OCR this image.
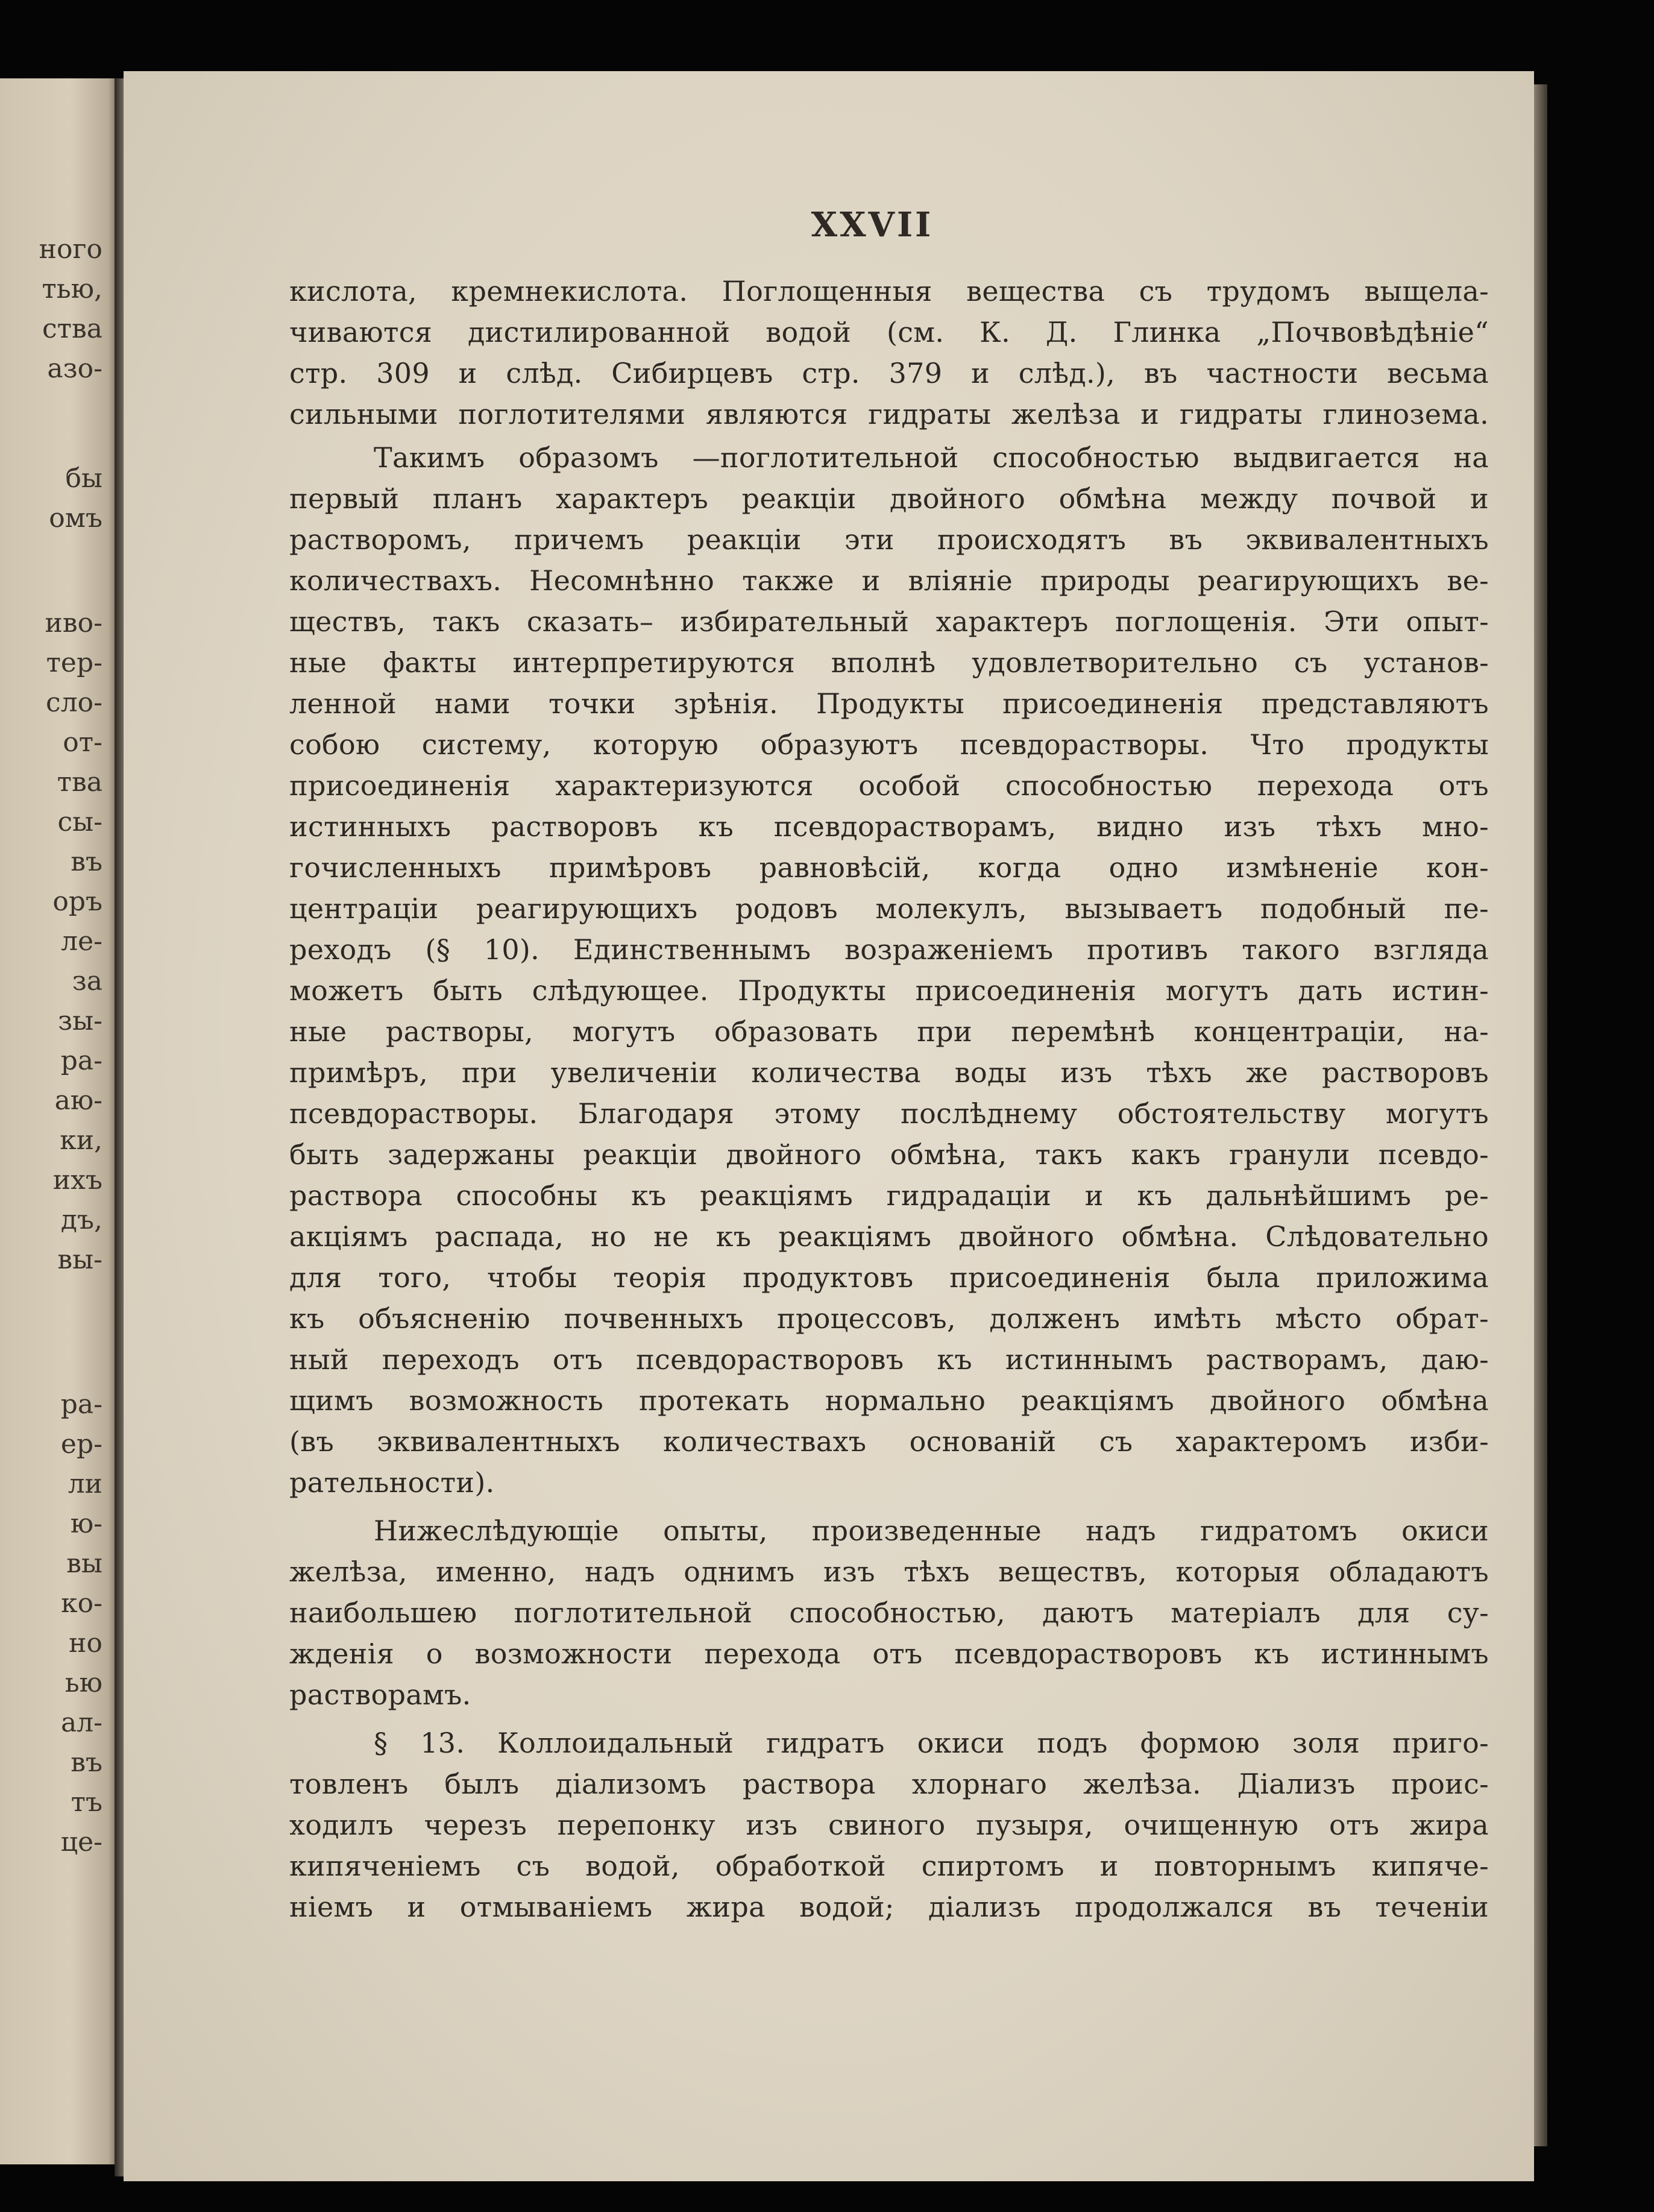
ного
тью,
ства
азо-
бы
омъ
иво-
тер-
сло-
от-
тва
сы-
въ
оръ
ле-
за
зы-
ра-
аю-
ки,
ихъ
дъ,
вы-
ра-
ер-
ли
ю-
вы
ко-
но
ью
ал-
въ
тъ
це-
XXVII
кислота, кремнекислота. Поглощенныя вещества съ трудомъ выщела-
чиваются дистилированной водой (см. К. Д. Глинка „Почвовѣдѣніе“
стр. 309 и слѣд. Сибирцевъ стр. 379 и слѣд.), въ частности весьма
сильными поглотителями являются гидраты желѣза и гидраты глинозема.
Такимъ образомъ —поглотительной способностью выдвигается на
первый планъ характеръ реакціи двойного обмѣна между почвой и
растворомъ, причемъ реакціи эти происходятъ въ эквивалентныхъ
количествахъ. Несомнѣнно также и вліяніе природы реагирующихъ ве-
ществъ, такъ сказать– избирательный характеръ поглощенія. Эти опыт-
ные факты интерпретируются вполнѣ удовлетворительно съ установ-
ленной нами точки зрѣнія. Продукты присоединенія представляютъ
собою систему, которую образуютъ псевдорастворы. Что продукты
присоединенія характеризуются особой способностью перехода отъ
истинныхъ растворовъ къ псевдорастворамъ, видно изъ тѣхъ мно-
гочисленныхъ примѣровъ равновѣсій, когда одно измѣненіе кон-
центраціи реагирующихъ родовъ молекулъ, вызываетъ подобный пе-
реходъ (§ 10). Единственнымъ возраженіемъ противъ такого взгляда
можетъ быть слѣдующее. Продукты присоединенія могутъ дать истин-
ные растворы, могутъ образовать при перемѣнѣ концентраціи, на-
примѣръ, при увеличеніи количества воды изъ тѣхъ же растворовъ
псевдорастворы. Благодаря этому послѣднему обстоятельству могутъ
быть задержаны реакціи двойного обмѣна, такъ какъ гранули псевдо-
раствора способны къ реакціямъ гидрадаціи и къ дальнѣйшимъ ре-
акціямъ распада, но не къ реакціямъ двойного обмѣна. Слѣдовательно
для того, чтобы теорія продуктовъ присоединенія была приложима
къ объясненію почвенныхъ процессовъ, долженъ имѣть мѣсто обрат-
ный переходъ отъ псевдорастворовъ къ истиннымъ растворамъ, даю-
щимъ возможность протекать нормально реакціямъ двойного обмѣна
(въ эквивалентныхъ количествахъ основаній съ характеромъ изби-
рательности).
Нижеслѣдующіе опыты, произведенные надъ гидратомъ окиси
желѣза, именно, надъ однимъ изъ тѣхъ веществъ, которыя обладаютъ
наибольшею поглотительной способностью, даютъ матеріалъ для су-
жденія о возможности перехода отъ псевдорастворовъ къ истиннымъ
растворамъ.
§ 13. Коллоидальный гидратъ окиси подъ формою золя приго-
товленъ былъ діализомъ раствора хлорнаго желѣза. Діализъ проис-
ходилъ черезъ перепонку изъ свиного пузыря, очищенную отъ жира
кипяченіемъ съ водой, обработкой спиртомъ и повторнымъ кипяче-
ніемъ и отмываніемъ жира водой; діализъ продолжался въ теченіи
